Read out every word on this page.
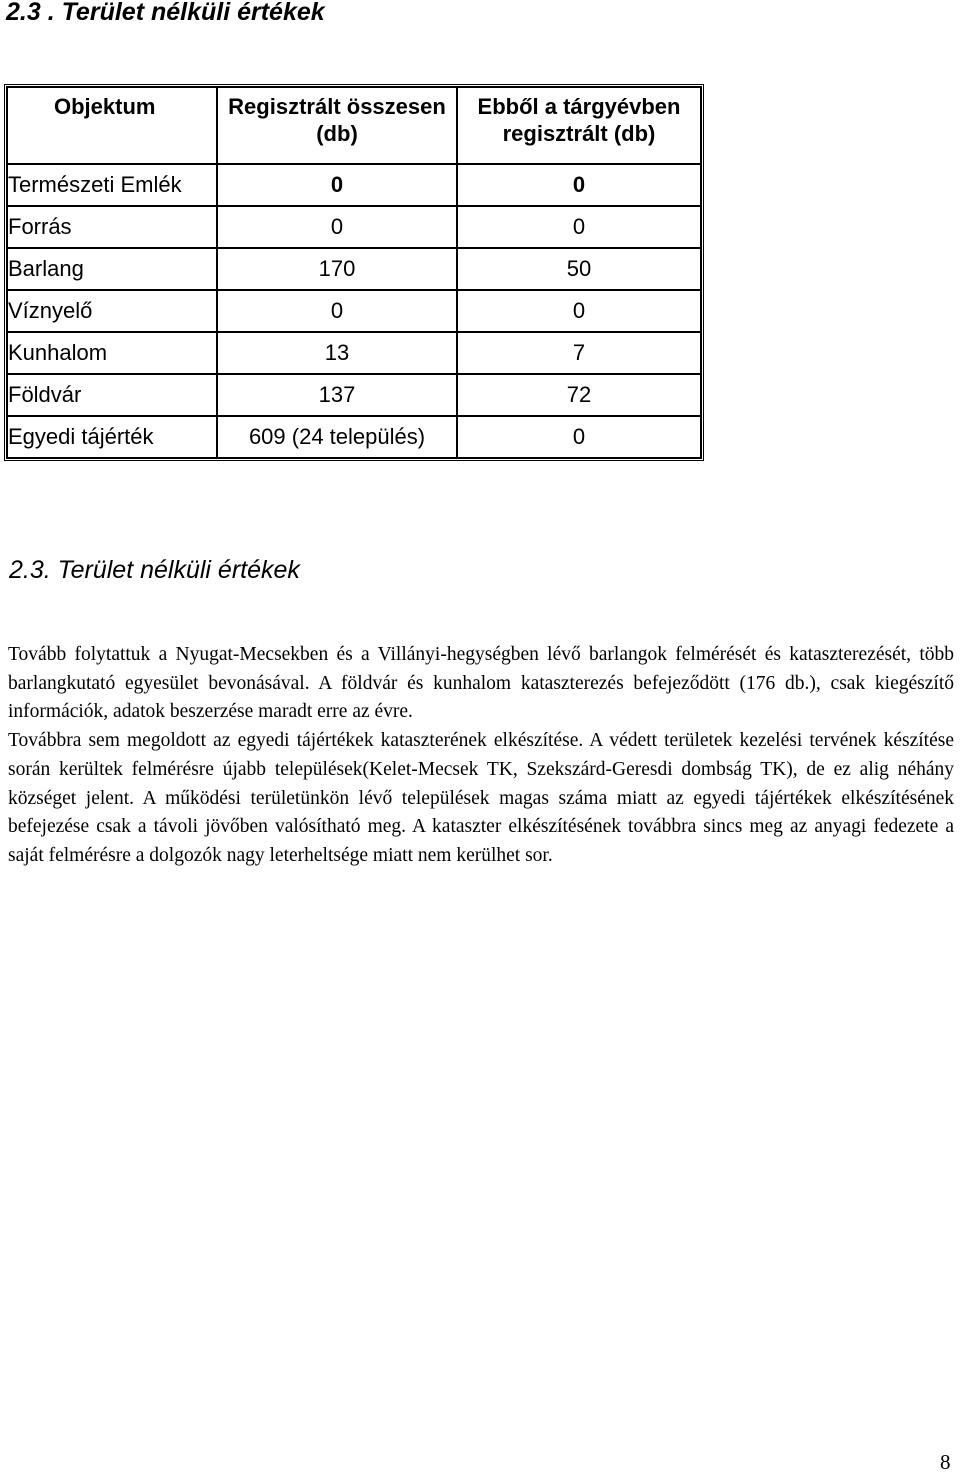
2.3 . Terület nélküli értékek
Objektum	Regisztrált összesen (db)	Ebből a tárgyévben regisztrált (db)
Természeti Emlék	0	0
Forrás	0	0
Barlang	170	50
Víznyelő	0	0
Kunhalom	13	7
Földvár	137	72
Egyedi tájérték	609 (24 település)	0
2.3. Terület nélküli értékek

Tovább folytattuk a Nyugat-Mecsekben és a Villányi-hegységben lévő barlangok felmérését és kataszterezését, több barlangkutató egyesület bevonásával. A földvár és kunhalom kataszterezés befejeződött (176 db.), csak kiegészítő információk, adatok beszerzése maradt erre az évre.

Továbbra sem megoldott az egyedi tájértékek kataszterének elkészítése. A védett területek kezelési tervének készítése során kerültek felmérésre újabb települések(Kelet-Mecsek TK, Szekszárd-Geresdi dombság TK), de ez alig néhány községet jelent. A működési területünkön lévő települések magas száma miatt az egyedi tájértékek elkészítésének befejezése csak a távoli jövőben valósítható meg. A kataszter elkészítésének továbbra sincs meg az anyagi fedezete a saját felmérésre a dolgozók nagy leterheltsége miatt nem kerülhet sor.

8
